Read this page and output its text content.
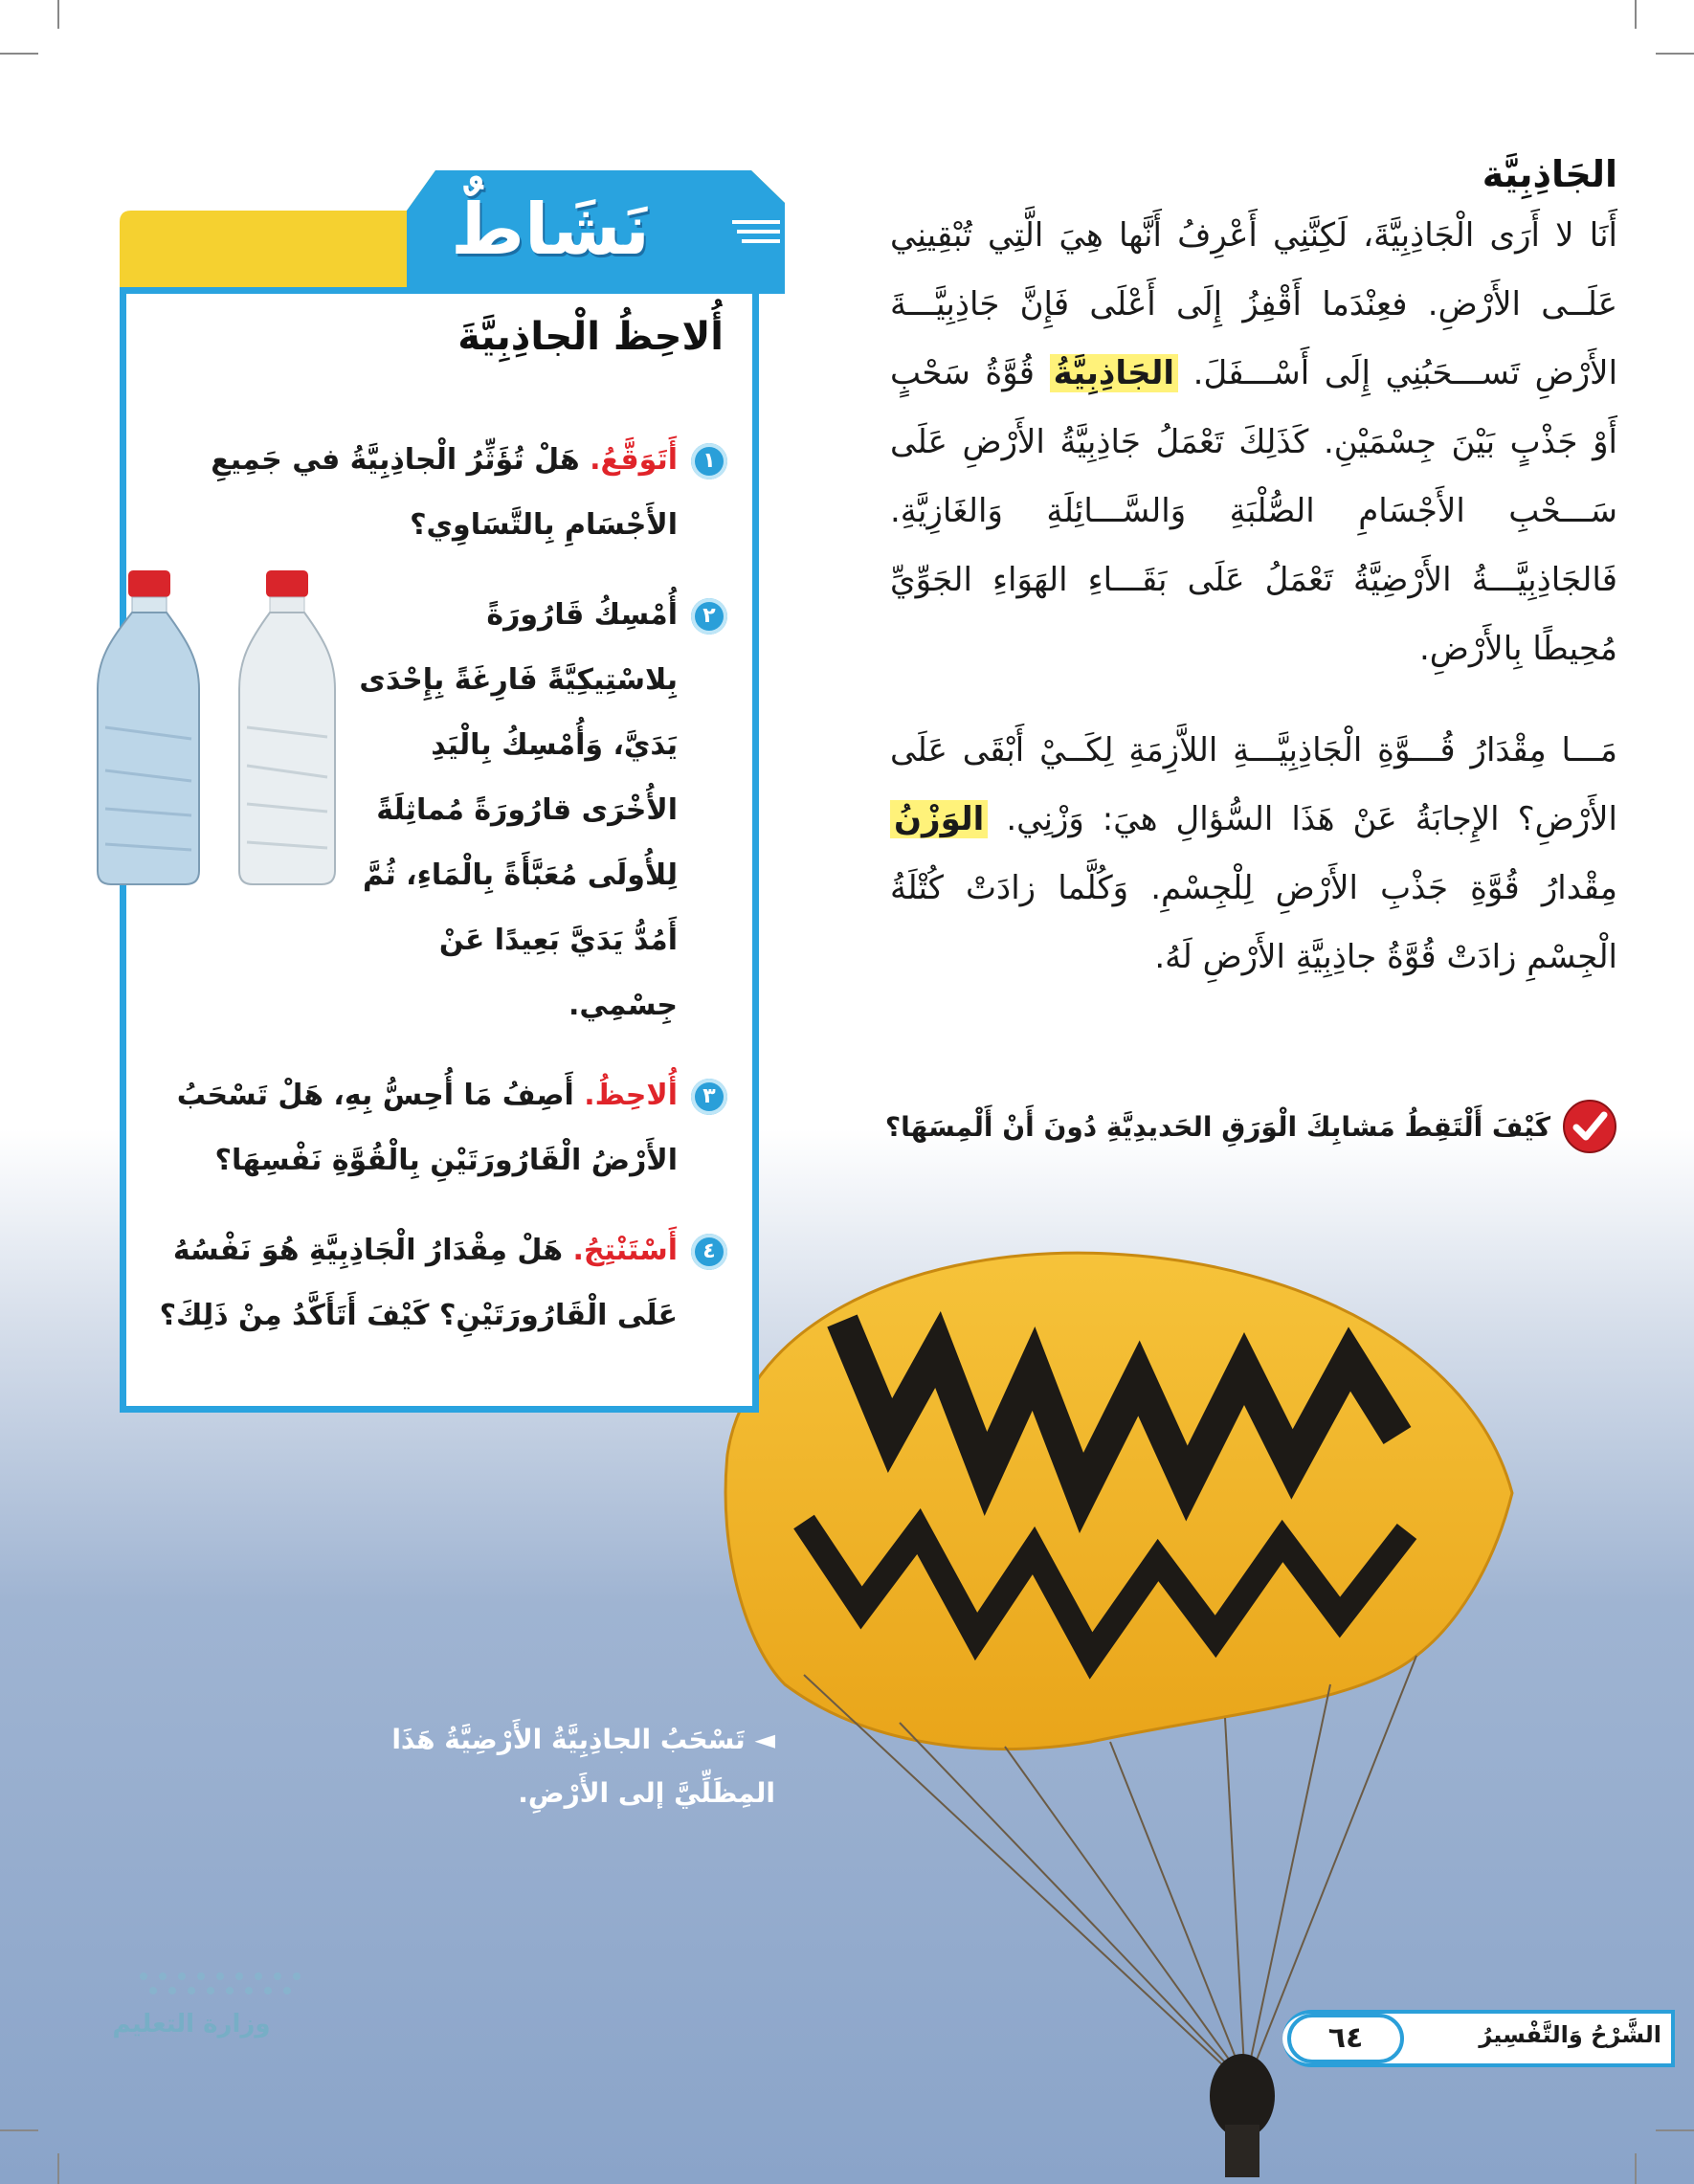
الجَاذِبِيَّة

أَنَا لا أَرَى الْجَاذِبِيَّةَ، لَكِنَّنِي أَعْرِفُ أَنَّها هِيَ الَّتِي تُبْقِينِي عَلَــى الأَرْضِ. فعِنْدَما أَقْفِزُ إِلَى أَعْلَى فَإِنَّ جَاذِبِيَّـــةَ الأَرْضِ تَســـحَبُنِي إِلَى أَسْـــفَلَ. الجَاذِبِيَّةُ قُوَّةُ سَحْبٍ أَوْ جَذْبٍ بَيْنَ جِسْمَيْنِ. كَذَلِكَ تَعْمَلُ جَاذِبِيَّةُ الأَرْضِ عَلَى سَـــحْبِ الأَجْسَامِ الصُّلْبَةِ وَالسَّـــائِلَةِ وَالغَازِيَّةِ. فَالجَاذِبِيَّـــةُ الأَرْضِيَّةُ تَعْمَلُ عَلَى بَقَـــاءِ الهَوَاءِ الجَوِّيِّ مُحِيطًا بِالأَرْضِ.

مَـــا مِقْدَارُ قُـــوَّةِ الْجَاذِبِيَّـــةِ اللاَّزِمَةِ لِكَــيْ أَبْقَى عَلَى الأَرْضِ؟ الإِجابَةُ عَنْ هَذَا السُّؤالِ هيَ: وَزْنِي. الوَزْنُ مِقْدارُ قُوَّةِ جَذْبِ الأَرْضِ لِلْجِسْمِ. وَكُلَّما زادَتْ كُتْلَةُ الْجِسْمِ زادَتْ قُوَّةُ جاذِبِيَّةِ الأَرْضِ لَهُ.

كَيْفَ أَلْتَقِطُ مَشابِكَ الْوَرَقِ الحَديدِيَّةِ دُونَ أَنْ أَلْمِسَهَا؟
نَشَاطٌ
أُلاحِظُ الْجاذِبِيَّةَ
١
أَتَوَقَّعُ. هَلْ تُؤَثِّرُ الْجاذِبِيَّةُ في جَمِيعِ الأَجْسَامِ بِالتَّسَاوِي؟
٢
أُمْسِكُ قَارُورَةً بِلاسْتِيكِيَّةً فَارِغَةً بِإِحْدَى يَدَيَّ، وَأُمْسِكُ بِالْيَدِ الأُخْرَى قارُورَةً مُماثِلَةً لِلأُولَى مُعَبَّأَةً بِالْمَاءِ، ثُمَّ أَمُدُّ يَدَيَّ بَعِيدًا عَنْ جِسْمِي.
٣
أُلاحِظُ. أَصِفُ مَا أُحِسُّ بِهِ، هَلْ تَسْحَبُ الأَرْضُ الْقَارُورَتَيْنِ بِالْقُوَّةِ نَفْسِهَا؟
٤
أَسْتَنْتِجُ. هَلْ مِقْدَارُ الْجَاذِبِيَّةِ هُوَ نَفْسُهُ عَلَى الْقَارُورَتَيْنِ؟ كَيْفَ أَتَأَكَّدُ مِنْ ذَلِكَ؟
◄ تَسْحَبُ الجاذِبِيَّةُ الأَرْضِيَّةُ هَذَا المِظَلِّيَّ إلى الأَرْضِ.
وزارة التعليم	الشَّرْحُ وَالتَّفْسِيرُ
٦٤
